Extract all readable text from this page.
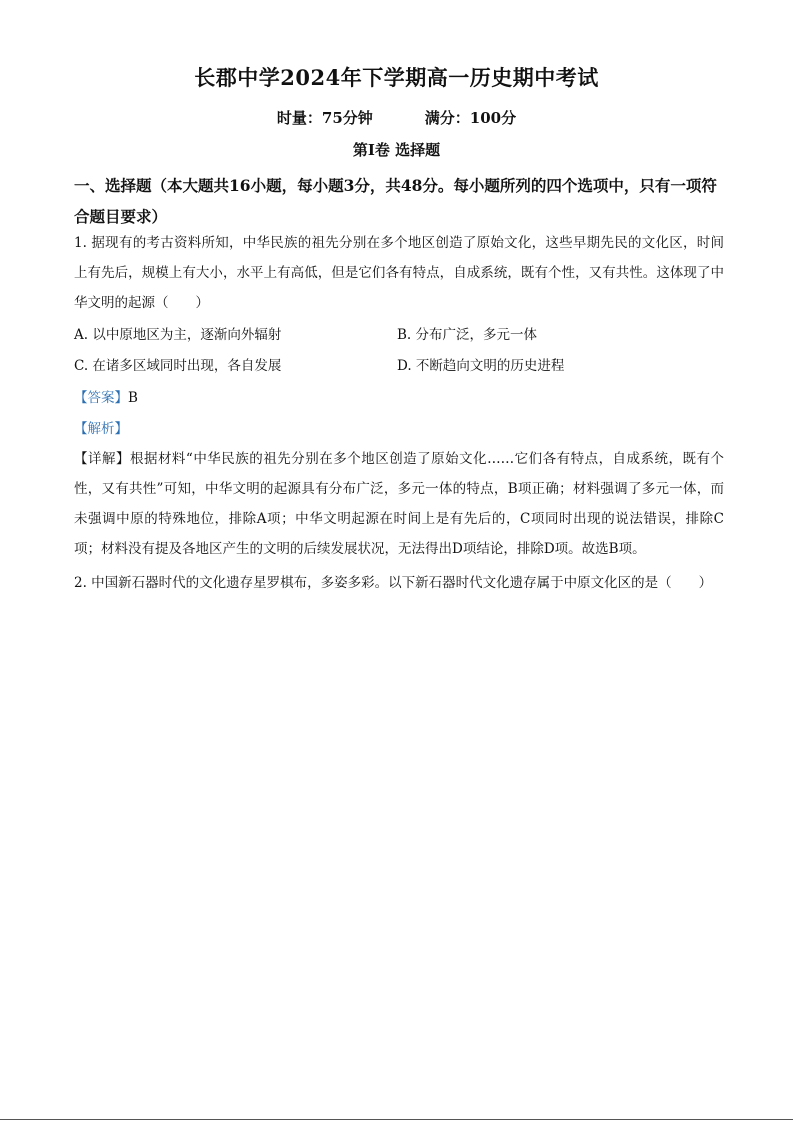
长郡中学2024年下学期高一历史期中考试
时量：75分钟	满分：100分
第Ⅰ卷 选择题
一、选择题（本大题共16小题，每小题3分，共48分。每小题所列的四个选项中，只有一项符合题目要求）
1. 据现有的考古资料所知，中华民族的祖先分别在多个地区创造了原始文化，这些早期先民的文化区，时间上有先后，规模上有大小，水平上有高低，但是它们各有特点，自成系统，既有个性，又有共性。这体现了中华文明的起源（　　）
A. 以中原地区为主，逐渐向外辐射	B. 分布广泛，多元一体
C. 在诸多区域同时出现，各自发展	D. 不断趋向文明的历史进程
【答案】B
【解析】
【详解】根据材料“中华民族的祖先分别在多个地区创造了原始文化……它们各有特点，自成系统，既有个性，又有共性”可知，中华文明的起源具有分布广泛，多元一体的特点，B项正确；材料强调了多元一体，而未强调中原的特殊地位，排除A项；中华文明起源在时间上是有先后的，C项同时出现的说法错误，排除C项；材料没有提及各地区产生的文明的后续发展状况，无法得出D项结论，排除D项。故选B项。
2. 中国新石器时代的文化遗存星罗棋布，多姿多彩。以下新石器时代文化遗存属于中原文化区的是（　　）
